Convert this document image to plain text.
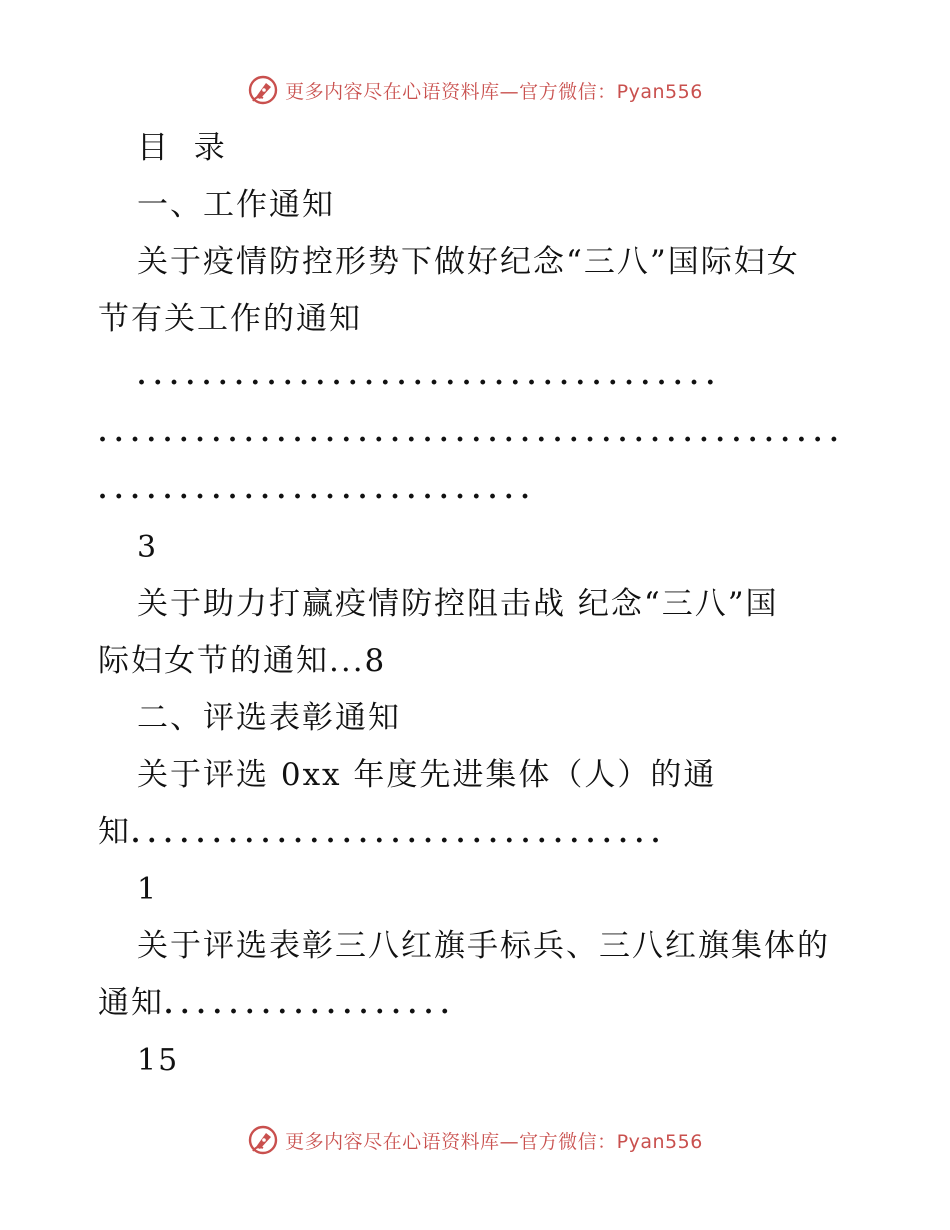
更多内容尽在心语资料库—官方微信：Pyan556
目  录
一、工作通知
关于疫情防控形势下做好纪念“三八”国际妇女
节有关工作的通知
....................................
..............................................
...........................
3
关于助力打赢疫情防控阻击战 纪念“三八”国
际妇女节的通知...8
二、评选表彰通知
关于评选 0xx 年度先进集体（人）的通
知.................................
1
关于评选表彰三八红旗手标兵、三八红旗集体的
通知..................
15
更多内容尽在心语资料库—官方微信：Pyan556
